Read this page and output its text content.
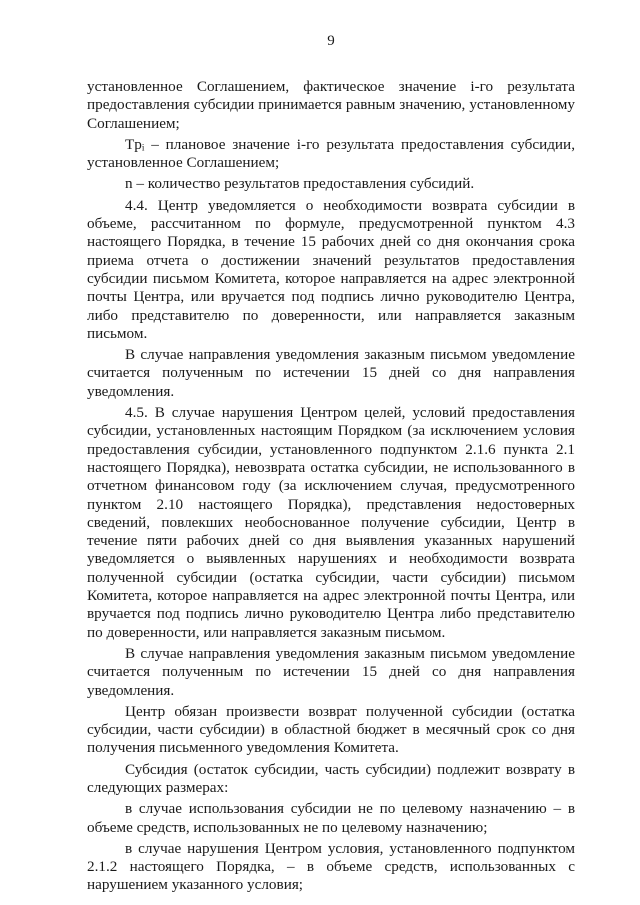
9

установленное Соглашением, фактическое значение i-го результата предоставления субсидии принимается равным значению, установленному Соглашением;

Tpᵢ – плановое значение i-го результата предоставления субсидии, установленное Соглашением;

n – количество результатов предоставления субсидий.

4.4. Центр уведомляется о необходимости возврата субсидии в объеме, рассчитанном по формуле, предусмотренной пунктом 4.3 настоящего Порядка, в течение 15 рабочих дней со дня окончания срока приема отчета о достижении значений результатов предоставления субсидии письмом Комитета, которое направляется на адрес электронной почты Центра, или вручается под подпись лично руководителю Центра, либо представителю по доверенности, или направляется заказным письмом.

В случае направления уведомления заказным письмом уведомление считается полученным по истечении 15 дней со дня направления уведомления.

4.5. В случае нарушения Центром целей, условий предоставления субсидии, установленных настоящим Порядком (за исключением условия предоставления субсидии, установленного подпунктом 2.1.6 пункта 2.1 настоящего Порядка), невозврата остатка субсидии, не использованного в отчетном финансовом году (за исключением случая, предусмотренного пунктом 2.10 настоящего Порядка), представления недостоверных сведений, повлекших необоснованное получение субсидии, Центр в течение пяти рабочих дней со дня выявления указанных нарушений уведомляется о выявленных нарушениях и необходимости возврата полученной субсидии (остатка субсидии, части субсидии) письмом Комитета, которое направляется на адрес электронной почты Центра, или вручается под подпись лично руководителю Центра либо представителю по доверенности, или направляется заказным письмом.

В случае направления уведомления заказным письмом уведомление считается полученным по истечении 15 дней со дня направления уведомления.

Центр обязан произвести возврат полученной субсидии (остатка субсидии, части субсидии) в областной бюджет в месячный срок со дня получения письменного уведомления Комитета.

Субсидия (остаток субсидии, часть субсидии) подлежит возврату в следующих размерах:

в случае использования субсидии не по целевому назначению – в объеме средств, использованных не по целевому назначению;

в случае нарушения Центром условия, установленного подпунктом 2.1.2 настоящего Порядка, – в объеме средств, использованных с нарушением указанного условия;
